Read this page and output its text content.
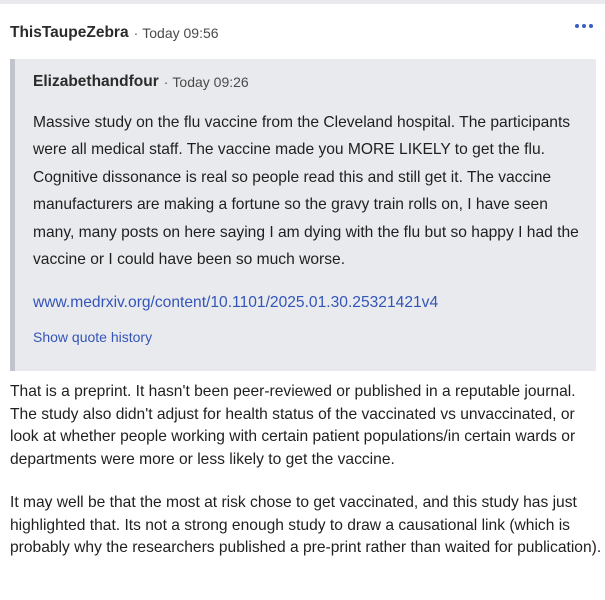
ThisTaupeZebra · Today 09:56
Elizabethandfour · Today 09:26
Massive study on the flu vaccine from the Cleveland hospital. The participants were all medical staff. The vaccine made you MORE LIKELY to get the flu. Cognitive dissonance is real so people read this and still get it. The vaccine manufacturers are making a fortune so the gravy train rolls on, I have seen many, many posts on here saying I am dying with the flu but so happy I had the vaccine or I could have been so much worse.
www.medrxiv.org/content/10.1101/2025.01.30.25321421v4
Show quote history

That is a preprint. It hasn't been peer-reviewed or published in a reputable journal. The study also didn't adjust for health status of the vaccinated vs unvaccinated, or look at whether people working with certain patient populations/in certain wards or departments were more or less likely to get the vaccine.

It may well be that the most at risk chose to get vaccinated, and this study has just highlighted that. Its not a strong enough study to draw a causational link (which is probably why the researchers published a pre-print rather than waited for publication).
